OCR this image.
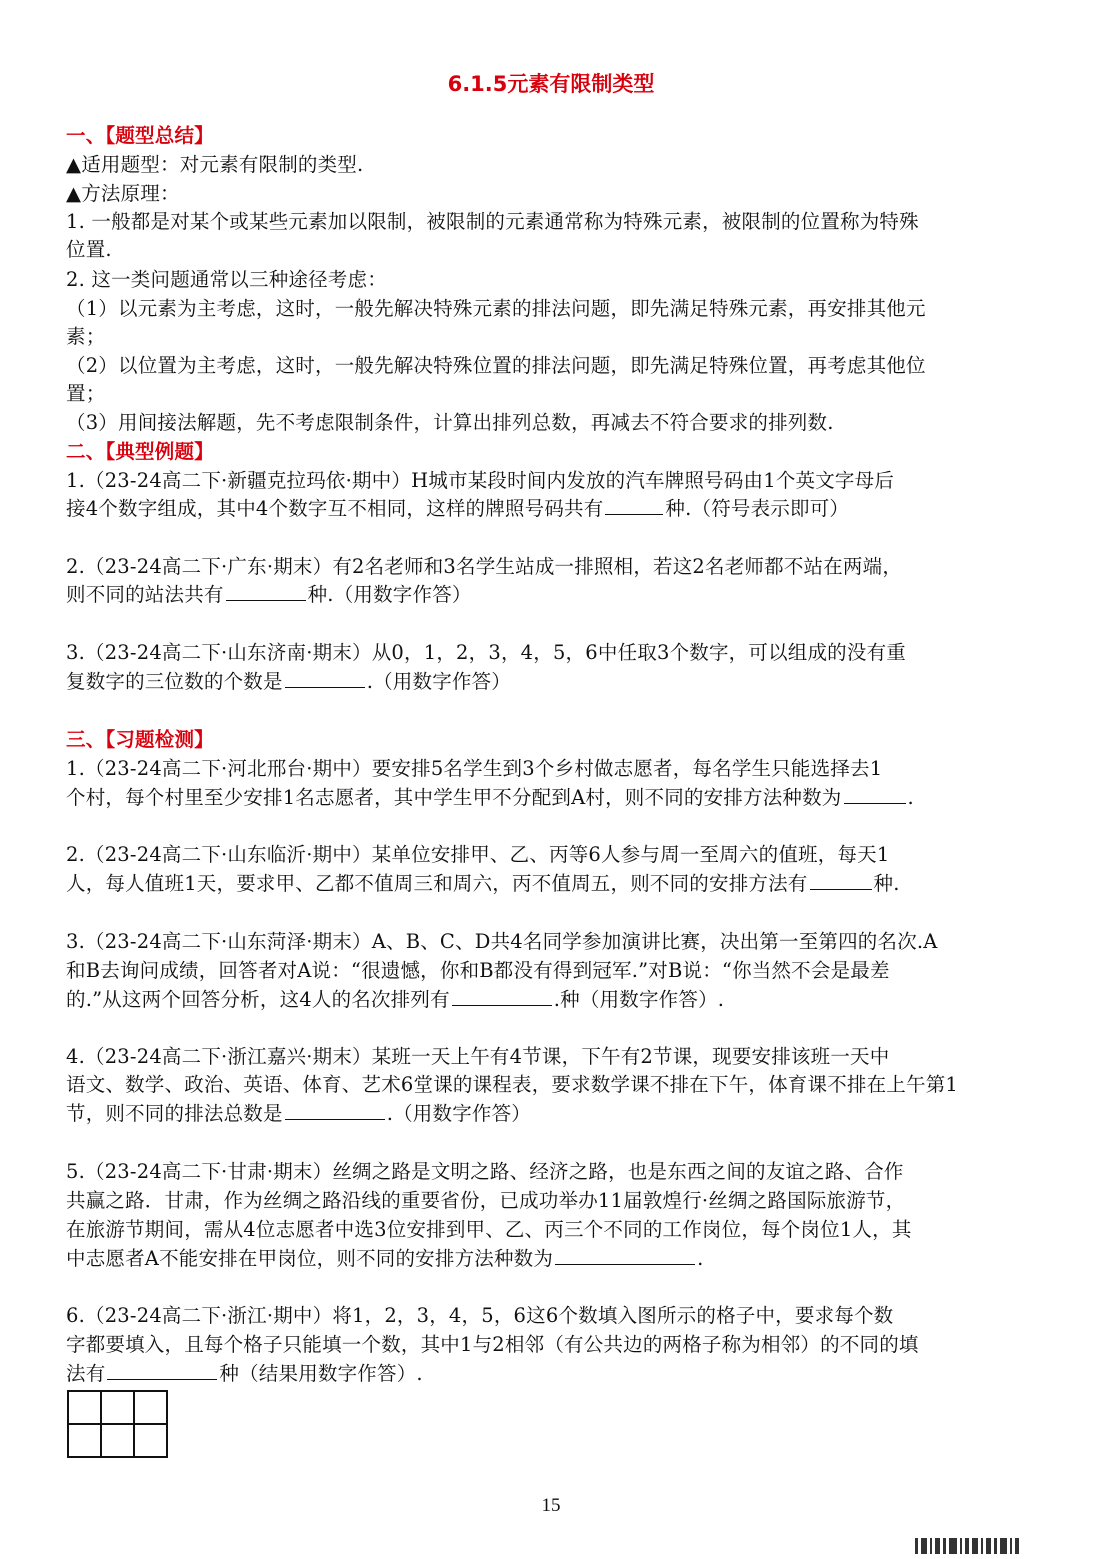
6.1.5元素有限制类型
一、【题型总结】
▲适用题型：对元素有限制的类型.
▲方法原理：
1. 一般都是对某个或某些元素加以限制，被限制的元素通常称为特殊元素，被限制的位置称为特殊
位置.
2. 这一类问题通常以三种途径考虑：
（1）以元素为主考虑，这时，一般先解决特殊元素的排法问题，即先满足特殊元素，再安排其他元
素；
（2）以位置为主考虑，这时，一般先解决特殊位置的排法问题，即先满足特殊位置，再考虑其他位
置；
（3）用间接法解题，先不考虑限制条件，计算出排列总数，再减去不符合要求的排列数.
二、【典型例题】
1.（23-24高二下·新疆克拉玛依·期中）H城市某段时间内发放的汽车牌照号码由1个英文字母后
接4个数字组成，其中4个数字互不相同，这样的牌照号码共有	种.（符号表示即可）
2.（23-24高二下·广东·期末）有2名老师和3名学生站成一排照相，若这2名老师都不站在两端，
则不同的站法共有	种.（用数字作答）
3.（23-24高二下·山东济南·期末）从0，1，2，3，4，5，6中任取3个数字，可以组成的没有重
复数字的三位数的个数是	.（用数字作答）
三、【习题检测】
1.（23-24高二下·河北邢台·期中）要安排5名学生到3个乡村做志愿者，每名学生只能选择去1
个村，每个村里至少安排1名志愿者，其中学生甲不分配到A村，则不同的安排方法种数为	.
2.（23-24高二下·山东临沂·期中）某单位安排甲、乙、丙等6人参与周一至周六的值班，每天1
人，每人值班1天，要求甲、乙都不值周三和周六，丙不值周五，则不同的安排方法有	种.
3.（23-24高二下·山东菏泽·期末）A、B、C、D共4名同学参加演讲比赛，决出第一至第四的名次.A
和B去询问成绩，回答者对A说：“很遗憾，你和B都没有得到冠军.”对B说：“你当然不会是最差
的.”从这两个回答分析，这4人的名次排列有	.种（用数字作答）.
4.（23-24高二下·浙江嘉兴·期末）某班一天上午有4节课，下午有2节课，现要安排该班一天中
语文、数学、政治、英语、体育、艺术6堂课的课程表，要求数学课不排在下午，体育课不排在上午第1
节，则不同的排法总数是	.（用数字作答）
5.（23-24高二下·甘肃·期末）丝绸之路是文明之路、经济之路，也是东西之间的友谊之路、合作
共赢之路．甘肃，作为丝绸之路沿线的重要省份，已成功举办11届敦煌行·丝绸之路国际旅游节，
在旅游节期间，需从4位志愿者中选3位安排到甲、乙、丙三个不同的工作岗位，每个岗位1人，其
中志愿者A不能安排在甲岗位，则不同的安排方法种数为	.
6.（23-24高二下·浙江·期中）将1，2，3，4，5，6这6个数填入图所示的格子中，要求每个数
字都要填入，且每个格子只能填一个数，其中1与2相邻（有公共边的两格子称为相邻）的不同的填
法有	种（结果用数字作答）.
15
